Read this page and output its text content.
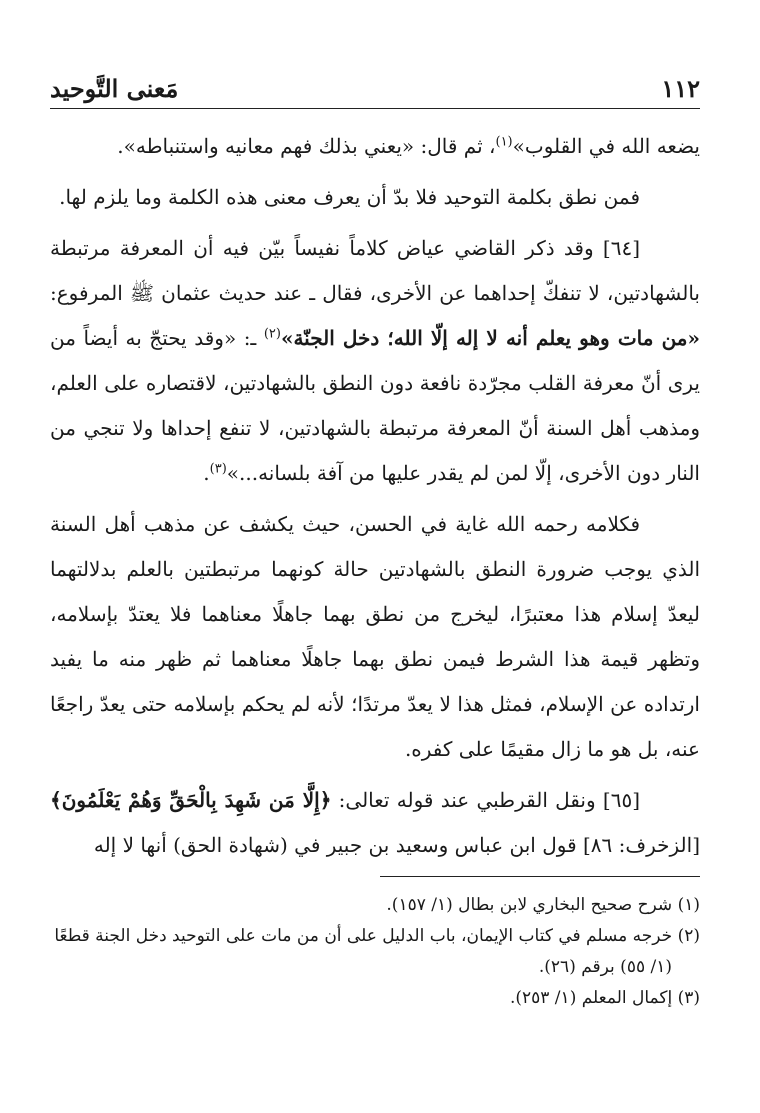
١١٢
مَعنى التَّوحيد

يضعه الله في القلوب»$^{(١)}$، ثم قال: «يعني بذلك فهم معانيه واستنباطه».

فمن نطق بكلمة التوحيد فلا بدّ أن يعرف معنى هذه الكلمة وما يلزم لها.

[٦٤] وقد ذكر القاضي عياض كلاماً نفيساً بيّن فيه أن المعرفة مرتبطة بالشهادتين، لا تنفكّ إحداهما عن الأخرى، فقال ـ عند حديث عثمان ﷺ المرفوع: «من مات وهو يعلم أنه لا إله إلّا الله؛ دخل الجنّة»$^{(٢)}$ ـ: «وقد يحتجّ به أيضاً من يرى أنّ معرفة القلب مجرّدة نافعة دون النطق بالشهادتين، لاقتصاره على العلم، ومذهب أهل السنة أنّ المعرفة مرتبطة بالشهادتين، لا تنفع إحداها ولا تنجي من النار دون الأخرى، إلّا لمن لم يقدر عليها من آفة بلسانه...»$^{(٣)}$.

فكلامه رحمه الله غاية في الحسن، حيث يكشف عن مذهب أهل السنة الذي يوجب ضرورة النطق بالشهادتين حالة كونهما مرتبطتين بالعلم بدلالتهما ليعدّ إسلام هذا معتبرًا، ليخرج من نطق بهما جاهلًا معناهما فلا يعتدّ بإسلامه، وتظهر قيمة هذا الشرط فيمن نطق بهما جاهلًا معناهما ثم ظهر منه ما يفيد ارتداده عن الإسلام، فمثل هذا لا يعدّ مرتدًا؛ لأنه لم يحكم بإسلامه حتى يعدّ راجعًا عنه، بل هو ما زال مقيمًا على كفره.

[٦٥] ونقل القرطبي عند قوله تعالى: ﴿إِلَّا مَن شَهِدَ بِالْحَقِّ وَهُمْ يَعْلَمُونَ﴾ [الزخرف: ٨٦] قول ابن عباس وسعيد بن جبير في (شهادة الحق) أنها لا إله

(١) شرح صحيح البخاري لابن بطال (١/ ١٥٧).

(٢) خرجه مسلم في كتاب الإيمان، باب الدليل على أن من مات على التوحيد دخل الجنة قطعًا
(١/ ٥٥) برقم (٢٦).

(٣) إكمال المعلم (١/ ٢٥٣).
